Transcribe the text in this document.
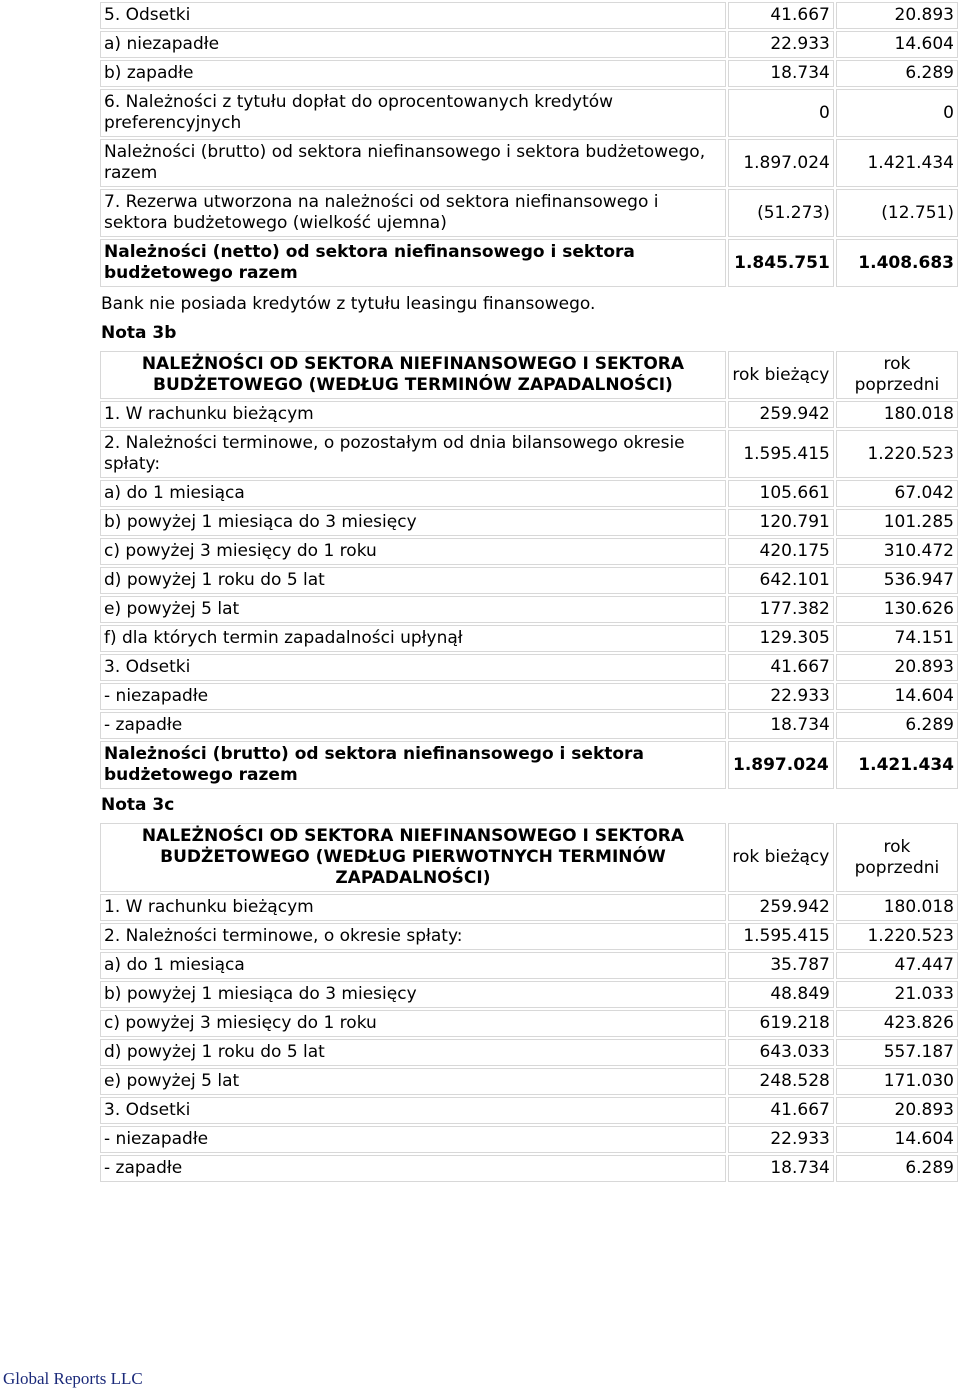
5. Odsetki	41.667	20.893
a) niezapadłe	22.933	14.604
b) zapadłe	18.734	6.289
6. Należności z tytułu dopłat do oprocentowanych kredytów preferencyjnych	0	0
Należności (brutto) od sektora niefinansowego i sektora budżetowego, razem	1.897.024	1.421.434
7. Rezerwa utworzona na należności od sektora niefinansowego i sektora budżetowego (wielkość ujemna)	(51.273)	(12.751)
Należności (netto) od sektora niefinansowego i sektora budżetowego razem	1.845.751	1.408.683
Bank nie posiada kredytów z tytułu leasingu finansowego.
Nota 3b
NALEŻNOŚCI OD SEKTORA NIEFINANSOWEGO I SEKTORA BUDŻETOWEGO (WEDŁUG TERMINÓW ZAPADALNOŚCI)	rok bieżący	rok poprzedni
1. W rachunku bieżącym	259.942	180.018
2. Należności terminowe, o pozostałym od dnia bilansowego okresie spłaty:	1.595.415	1.220.523
a) do 1 miesiąca	105.661	67.042
b) powyżej 1 miesiąca do 3 miesięcy	120.791	101.285
c) powyżej 3 miesięcy do 1 roku	420.175	310.472
d) powyżej 1 roku do 5 lat	642.101	536.947
e) powyżej 5 lat	177.382	130.626
f) dla których termin zapadalności upłynął	129.305	74.151
3. Odsetki	41.667	20.893
- niezapadłe	22.933	14.604
- zapadłe	18.734	6.289
Należności (brutto) od sektora niefinansowego i sektora budżetowego razem	1.897.024	1.421.434
Nota 3c
NALEŻNOŚCI OD SEKTORA NIEFINANSOWEGO I SEKTORA BUDŻETOWEGO (WEDŁUG PIERWOTNYCH TERMINÓW ZAPADALNOŚCI)	rok bieżący	rok poprzedni
1. W rachunku bieżącym	259.942	180.018
2. Należności terminowe, o okresie spłaty:	1.595.415	1.220.523
a) do 1 miesiąca	35.787	47.447
b) powyżej 1 miesiąca do 3 miesięcy	48.849	21.033
c) powyżej 3 miesięcy do 1 roku	619.218	423.826
d) powyżej 1 roku do 5 lat	643.033	557.187
e) powyżej 5 lat	248.528	171.030
3. Odsetki	41.667	20.893
- niezapadłe	22.933	14.604
- zapadłe	18.734	6.289
Global Reports LLC
